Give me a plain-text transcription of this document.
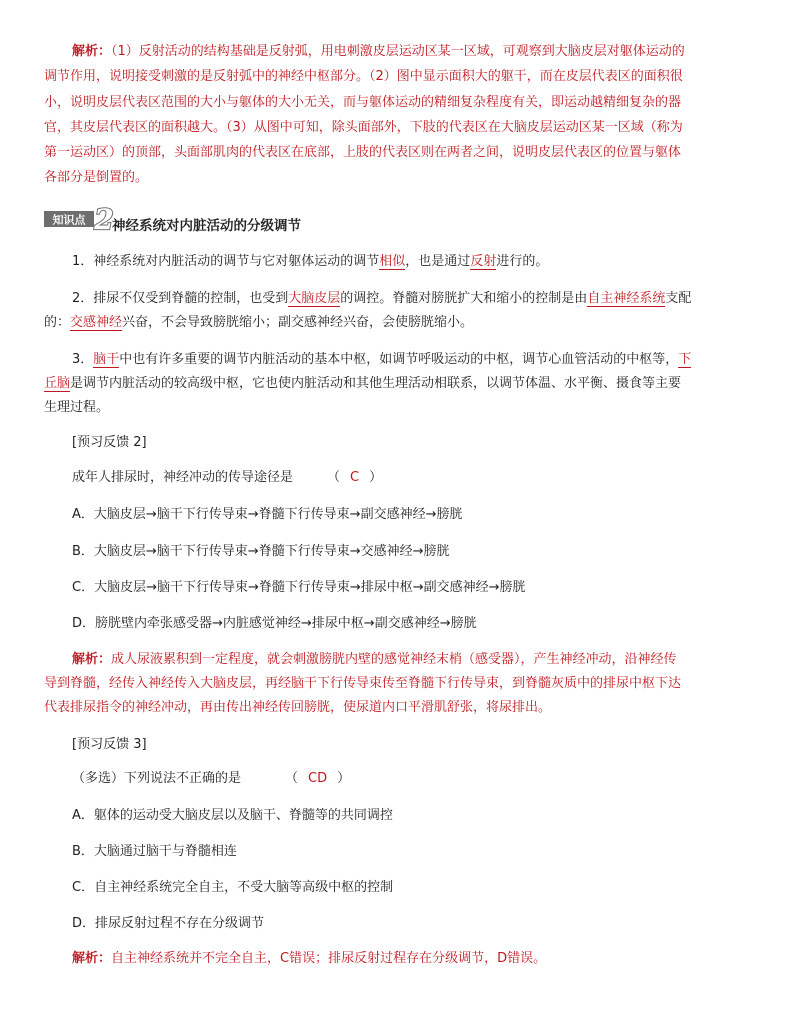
解析：（1）反射活动的结构基础是反射弧，用电刺激皮层运动区某一区域，可观察到大脑皮层对躯体运动的
调节作用，说明接受刺激的是反射弧中的神经中枢部分。（2）图中显示面积大的躯干，而在皮层代表区的面积很
小，说明皮层代表区范围的大小与躯体的大小无关，而与躯体运动的精细复杂程度有关，即运动越精细复杂的器
官，其皮层代表区的面积越大。（3）从图中可知，除头面部外，下肢的代表区在大脑皮层运动区某一区域（称为
第一运动区）的顶部，头面部肌肉的代表区在底部，上肢的代表区则在两者之间，说明皮层代表区的位置与躯体
各部分是倒置的。
知识点 2
神经系统对内脏活动的分级调节
1．神经系统对内脏活动的调节与它对躯体运动的调节相似，也是通过反射进行的。
2．排尿不仅受到脊髓的控制，也受到大脑皮层的调控。脊髓对膀胱扩大和缩小的控制是由自主神经系统支配
的：交感神经兴奋，不会导致膀胱缩小；副交感神经兴奋，会使膀胱缩小。
3．脑干中也有许多重要的调节内脏活动的基本中枢，如调节呼吸运动的中枢，调节心血管活动的中枢等，下
丘脑是调节内脏活动的较高级中枢，它也使内脏活动和其他生理活动相联系，以调节体温、水平衡、摄食等主要
生理过程。
[预习反馈 2]
成年人排尿时，神经冲动的传导途径是	（ C ）
A．大脑皮层→脑干下行传导束→脊髓下行传导束→副交感神经→膀胱
B．大脑皮层→脑干下行传导束→脊髓下行传导束→交感神经→膀胱
C．大脑皮层→脑干下行传导束→脊髓下行传导束→排尿中枢→副交感神经→膀胱
D．膀胱壁内牵张感受器→内脏感觉神经→排尿中枢→副交感神经→膀胱
解析：成人尿液累积到一定程度，就会刺激膀胱内壁的感觉神经末梢（感受器），产生神经冲动，沿神经传
导到脊髓，经传入神经传入大脑皮层，再经脑干下行传导束传至脊髓下行传导束，到脊髓灰质中的排尿中枢下达
代表排尿指令的神经冲动，再由传出神经传回膀胱，使尿道内口平滑肌舒张，将尿排出。
[预习反馈 3]
（多选）下列说法不正确的是	（ CD ）
A．躯体的运动受大脑皮层以及脑干、脊髓等的共同调控
B．大脑通过脑干与脊髓相连
C．自主神经系统完全自主，不受大脑等高级中枢的控制
D．排尿反射过程不存在分级调节
解析：自主神经系统并不完全自主，C错误；排尿反射过程存在分级调节，D错误。
